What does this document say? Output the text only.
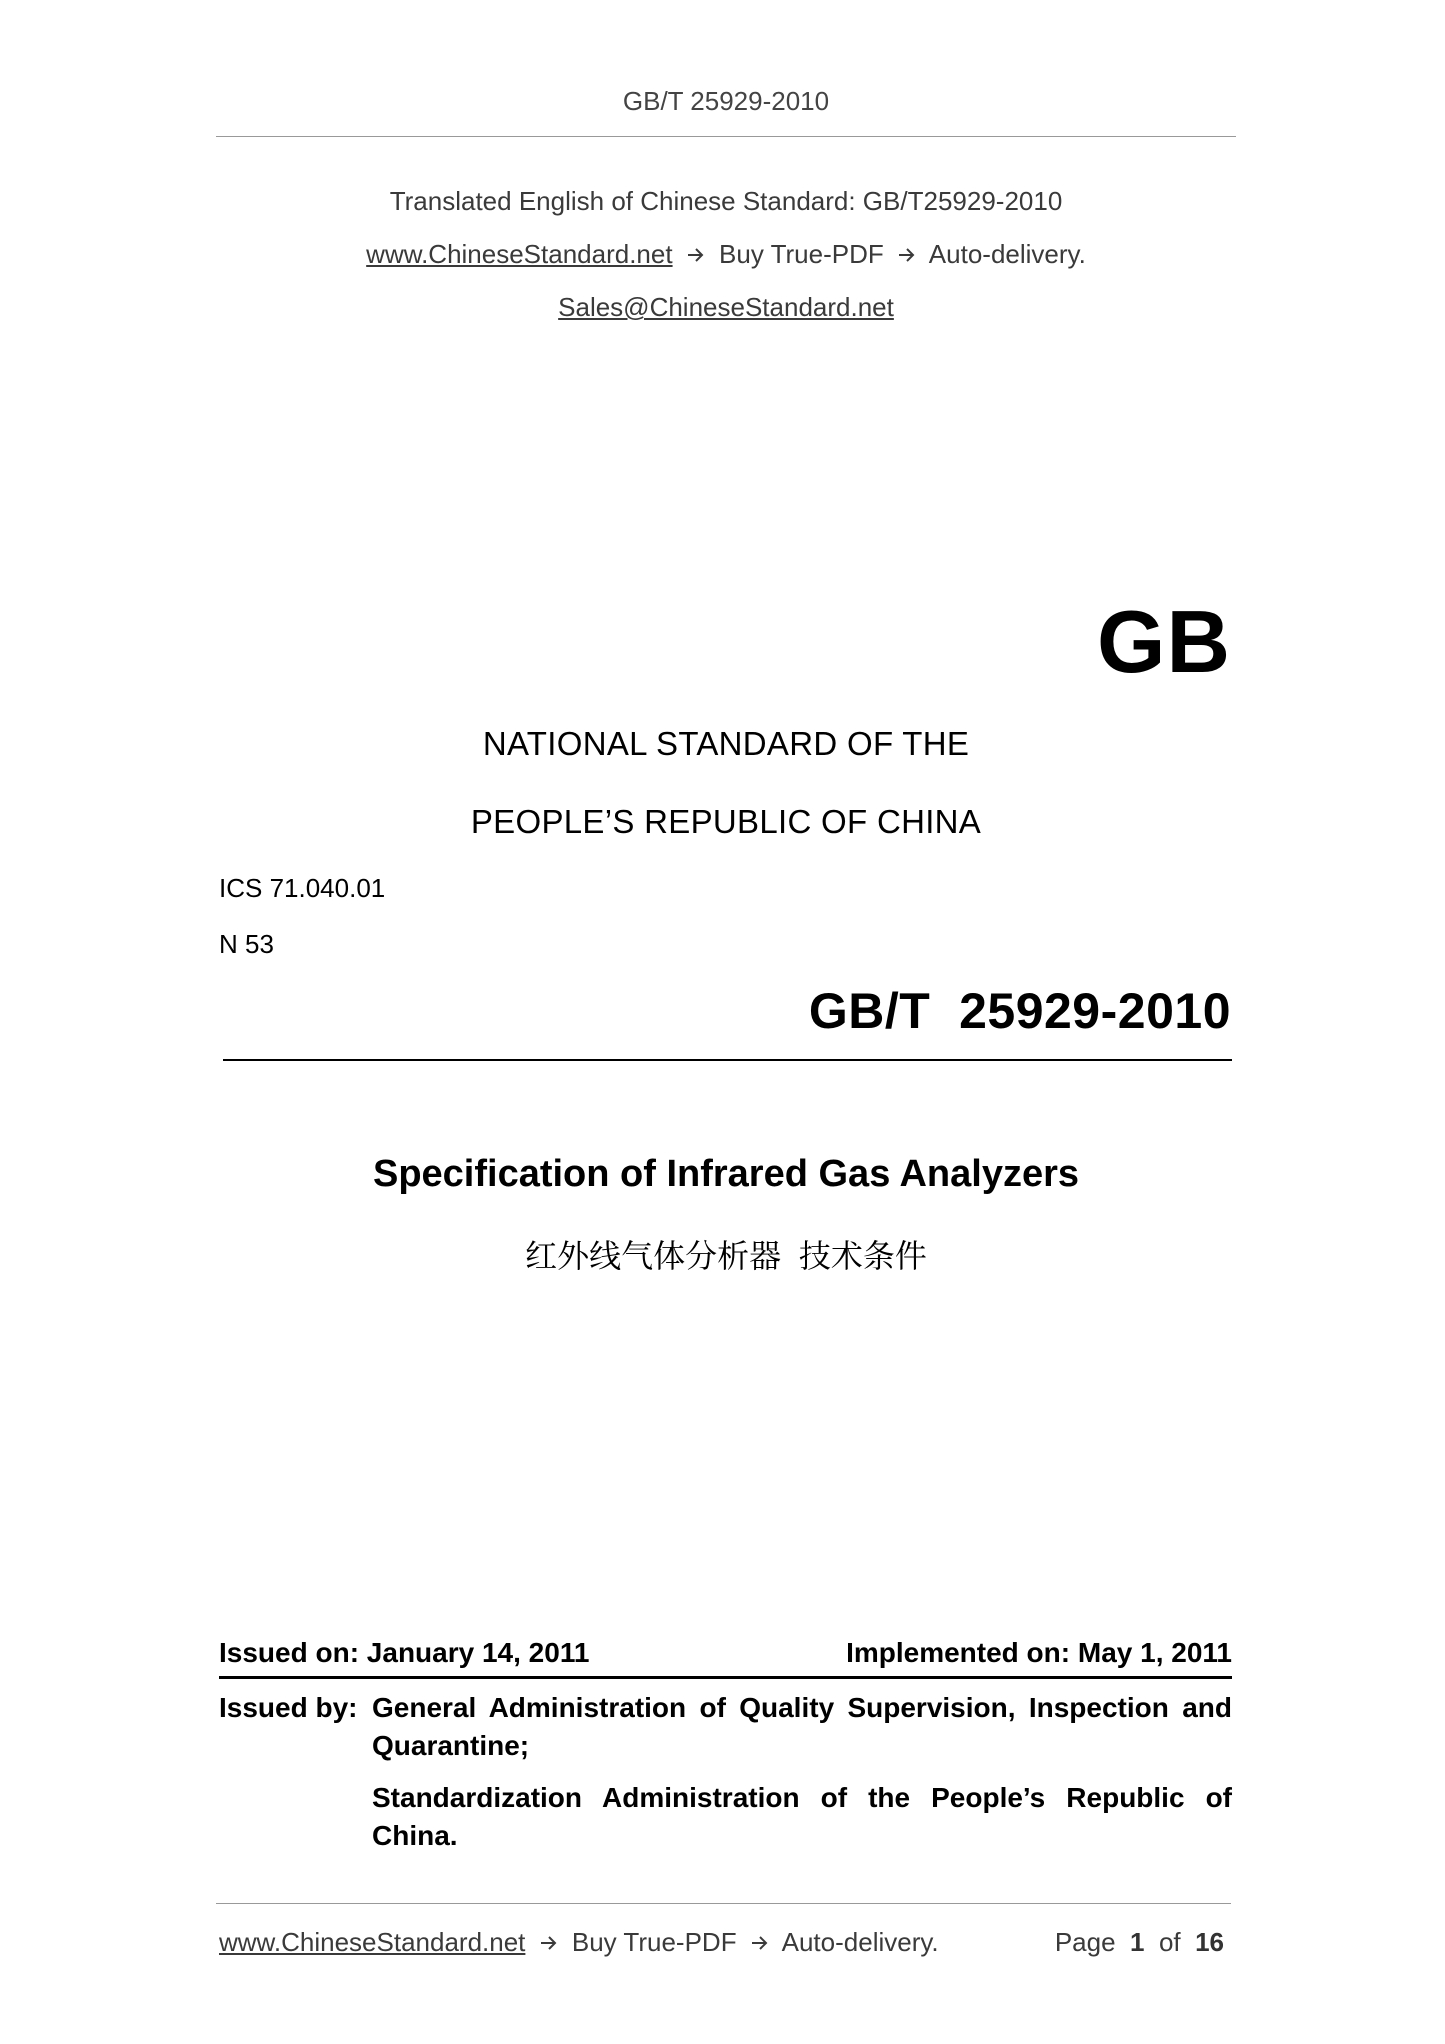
GB/T 25929-2010
Translated English of Chinese Standard: GB/T25929-2010
www.ChineseStandard.net Buy True-PDF Auto-delivery.
Sales@ChineseStandard.net
GB
NATIONAL STANDARD OF THE
PEOPLE’S REPUBLIC OF CHINA
ICS 71.040.01
N 53
GB/T  25929-2010
Specification of Infrared Gas Analyzers
红外线气体分析器  技术条件
Issued on: January 14, 2011	Implemented on: May 1, 2011
Issued by: General Administration of Quality Supervision, Inspection and Quarantine;
Standardization Administration of the People’s Republic of China.
www.ChineseStandard.net Buy True-PDF Auto-delivery.	Page 1 of 16
